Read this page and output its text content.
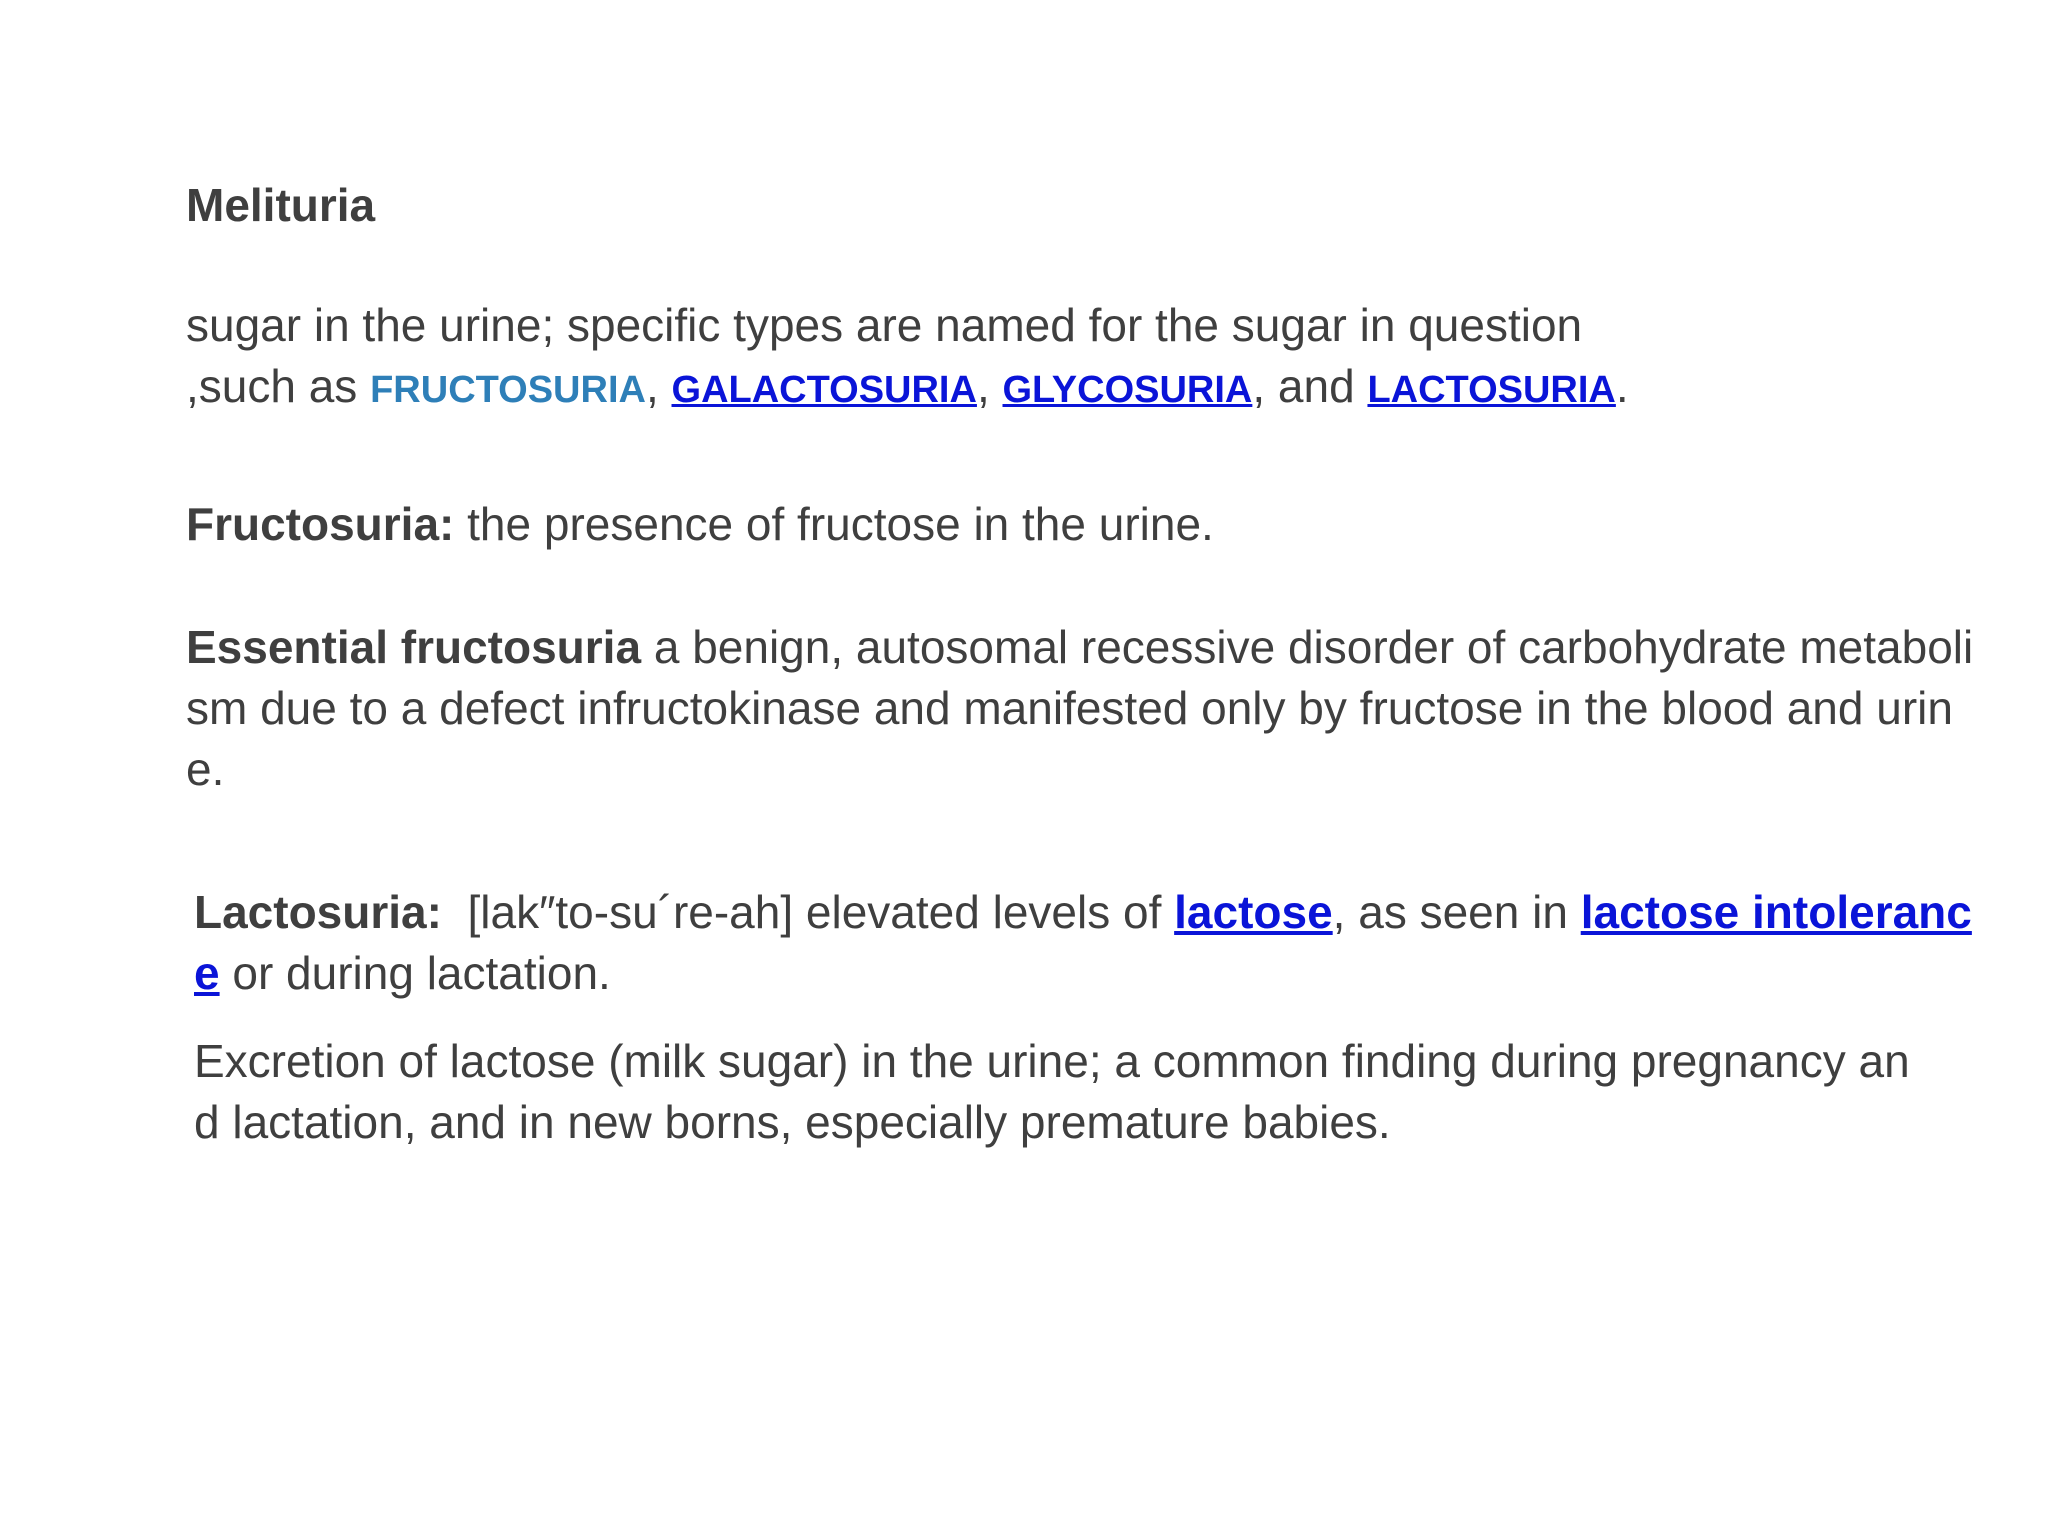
Melituria

sugar in the urine; specific types are named for the sugar in question
,such as FRUCTOSURIA, GALACTOSURIA, GLYCOSURIA, and LACTOSURIA.

Fructosuria: the presence of fructose in the urine.

Essential fructosuria a benign, autosomal recessive disorder of carbohydrate metabolism due to a defect infructokinase and manifested only by fructose in the blood and urine.

Lactosuria:  [lak″to-su´re-ah] elevated levels of lactose, as seen in lactose intolerance or during lactation.

Excretion of lactose (milk sugar) in the urine; a common finding during pregnancy and lactation, and in new borns, especially premature babies.
